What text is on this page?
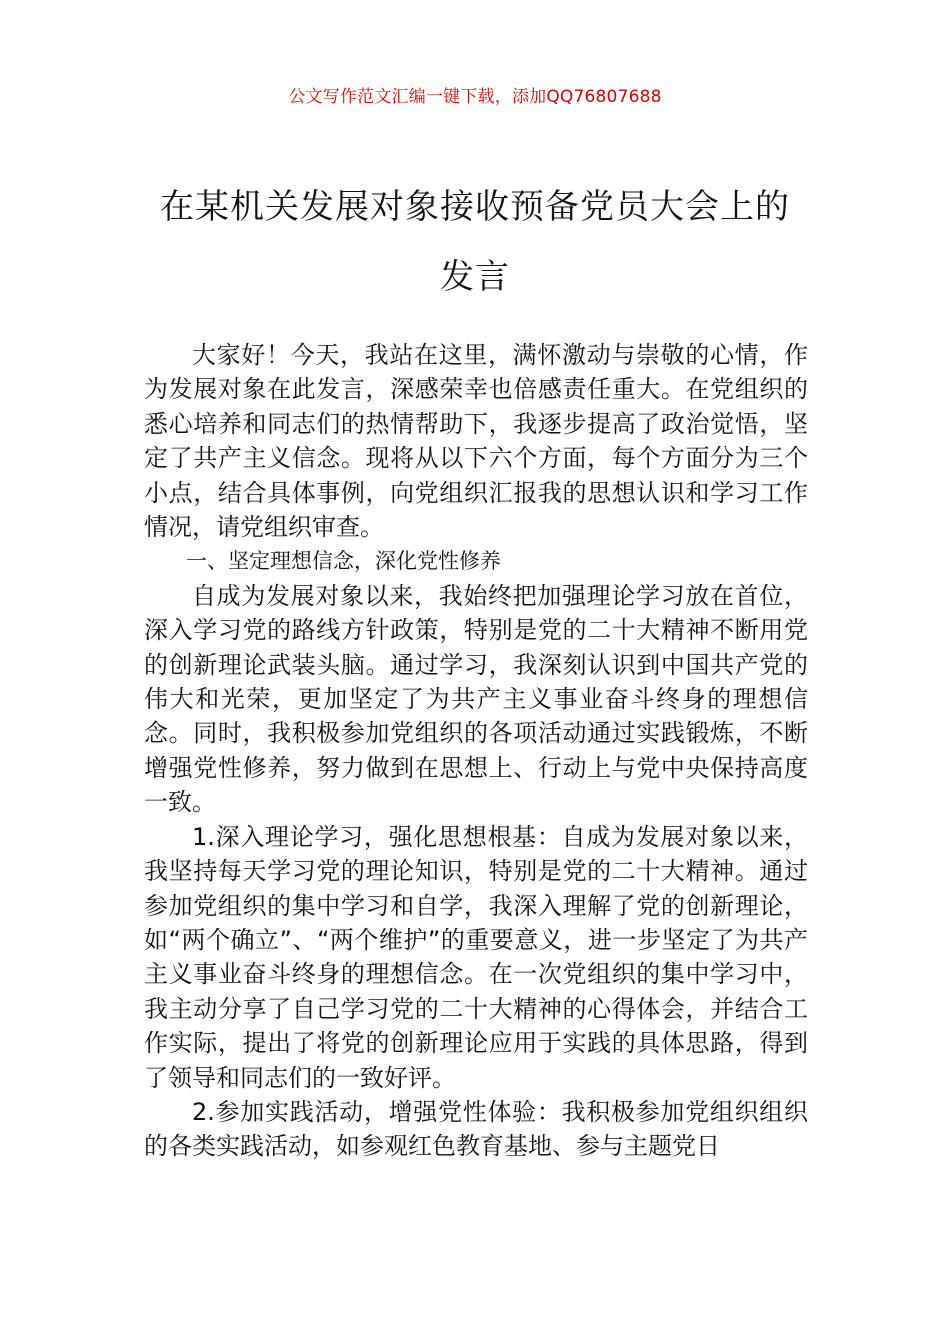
公文写作范文汇编一键下载，添加QQ76807688
在某机关发展对象接收预备党员大会上的
发言

大家好！今天，我站在这里，满怀激动与崇敬的心情，作为发展对象在此发言，深感荣幸也倍感责任重大。在党组织的悉心培养和同志们的热情帮助下，我逐步提高了政治觉悟，坚定了共产主义信念。现将从以下六个方面，每个方面分为三个小点，结合具体事例，向党组织汇报我的思想认识和学习工作情况，请党组织审查。

一、坚定理想信念，深化党性修养

自成为发展对象以来，我始终把加强理论学习放在首位，深入学习党的路线方针政策，特别是党的二十大精神不断用党的创新理论武装头脑。通过学习，我深刻认识到中国共产党的伟大和光荣，更加坚定了为共产主义事业奋斗终身的理想信念。同时，我积极参加党组织的各项活动通过实践锻炼，不断增强党性修养，努力做到在思想上、行动上与党中央保持高度一致。

1.深入理论学习，强化思想根基：自成为发展对象以来，我坚持每天学习党的理论知识，特别是党的二十大精神。通过参加党组织的集中学习和自学，我深入理解了党的创新理论，如“两个确立”、“两个维护”的重要意义，进一步坚定了为共产主义事业奋斗终身的理想信念。在一次党组织的集中学习中，我主动分享了自己学习党的二十大精神的心得体会，并结合工作实际，提出了将党的创新理论应用于实践的具体思路，得到了领导和同志们的一致好评。

2.参加实践活动，增强党性体验：我积极参加党组织组织的各类实践活动，如参观红色教育基地、参与主题党日
